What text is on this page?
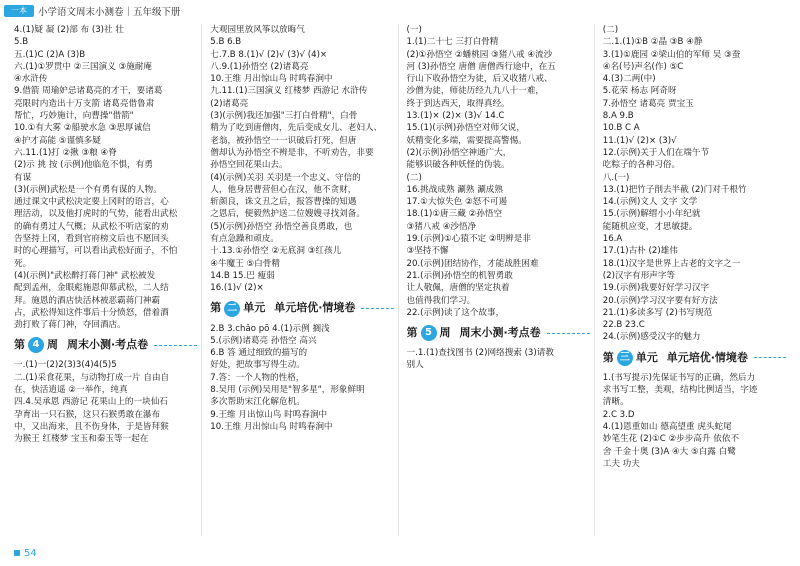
一本	小学语文周末小测卷｜五年级下册
4.(1)疑 凝 (2)部 布 (3)社 壮
5.B
五.(1)C (2)A (3)B
六.(1)①罗贯中 ②三国演义 ③施耐庵
④水浒传
9.借箭 周瑜妒忌诸葛亮的才干，要诸葛
亮限时内造出十万支箭 诸葛亮借鲁肃
帮忙，巧妙施计，向曹操"借箭"
10.①有大雾 ②船驶水急 ③思厚诚信
④护才高能 ⑤谨慎多疑
六.11.(1)打 ②揪 ③粮 ④脊
(2)示 挑 按 (示例)他临危不惧，有勇
有谋
(3)(示例)武松是一个有勇有谋的人物。
通过课文中武松决定要上冈时的语言，心
理活动，以及他打虎时的气势，能看出武松
的确有勇过人气概；从武松不听店家的劝
告坚持上冈，看到官府榜文后也不愿回头
时的心理描写，可以看出武松好面子，不怕
死。
(4)(示例)"武松醉打蒋门神" 武松被发
配到孟州，金眼彪施恩仰慕武松，二人结
拜。施恩的酒店快活林被恶霸蒋门神霸
占，武松得知这件事后十分愤怒，借着酒
劲打败了蒋门神，夺回酒店。
第 4 周 周末小测·考点卷
一.(1)一(2)2(3)3(4)4(5)5
二.(1)采食花果，与动物打成一片 自由自
在，快活逍遥 ②一举作，纯真
四.4.吴承恩 西游记 花果山上的一块仙石
孕育出一只石猴，这只石猴勇敢在瀑布
中，又出海来，且不伤身体，于是皆拜猴
为猴王 红楼梦 宝玉和秦玉等一起在
大观园里放风筝以放晦气
5.B 6.B
七.7.B 8.(1)√ (2)√ (3)√ (4)×
八.9.(1)孙悟空 (2)诸葛亮
10.王维 月出惊山鸟 时鸣春涧中
九.11.(1)三国演义 红楼梦 西游记 水浒传
(2)诸葛亮
(3)(示例)我还加强"三打白骨精"，白骨
精为了吃到唐僧肉，先后变成女儿、老妇人、
老翁，被孙悟空一一识破后打死，但唐
僧却认为孙悟空不辨是非，不听劝告，非要
孙悟空回花果山去。
(4)(示例)关羽 关羽是一个忠义、守信的
人，他身居曹营但心在汉，他不贪财，
斩颜良，诛文丑之后，报答曹操的知遇
之恩后，便毅然护送二位嫂嫂寻找刘备。
(5)(示例)孙悟空 孙悟空善良勇敢，也
有点急躁和顽皮。
十.13.①孙悟空 ②无底洞 ③红孩儿
④牛魔王 ⑤白骨精
14.B 15.巴 瘦弱
16.(1)√ (2)×
第 二 单元 单元培优·情境卷
2.B 3.chǎo pō 4.(1)示例 搁浅
5.(示例)诸葛亮 孙悟空 高兴
6.B 答 通过细致的描写的
好处，把故事写得生动。
7.答：一个人物的性格，
8.吴用 (示例)吴用是"智多星"，形象鲜明
多次帮助宋江化解危机。
9.王维 月出惊山鸟 时鸣春涧中
10.王维 月出惊山鸟 时鸣春涧中
(一)
1.(1)二十七 三打白骨精
(2)①孙悟空 ②蟠桃园 ③猪八戒 ④流沙
河 (3)孙悟空 唐僧 唐僧西行途中，在五
行山下收孙悟空为徒，后又收猪八戒、
沙僧为徒，师徒历经九九八十一难，
终于到达西天，取得真经。
13.(1)× (2)× (3)√ 14.C
15.(1)(示例)孙悟空对师父说，
妖精变化多端，需要提高警惕。
(2)(示例)孙悟空神通广大，
能够识破各种妖怪的伪装。
(二)
16.挑战成熟 涮熟 涮成熟
17.①大惊失色 ②怒不可遏
18.(1)①唐三藏 ②孙悟空
③猪八戒 ④沙悟净
19.(示例)①心猿不定 ②明辨是非
③坚持不懈
20.(示例)团结协作，才能战胜困难
21.(示例)孙悟空的机智勇敢
让人敬佩，唐僧的坚定执着
也值得我们学习。
22.(示例)读了这个故事，
第 5 周 周末小测·考点卷
一.1.(1)查找图书 (2)网络搜索 (3)请教
别人
(二)
二.1.(1)①B ②晶 ③B ④静
3.(1)①鹿园 ②梁山伯的军师 吴 ③蚕
④名(号)声名(作) ⑤C
4.(3)二两(中)
5.花荣 杨志 阿奇呀
7.孙悟空 诸葛亮 贾宝玉
8.A 9.B
10.B C A
11.(1)√ (2)× (3)√
12.(示例)关于人们在端午节
吃粽子的各种习俗。
八.(一)
13.(1)把竹子削去半截 (2)门对千根竹
14.(示例)文人 文字 文学
15.(示例)解缙小小年纪就
能随机应变，才思敏捷。
16.A
17.(1)古朴 (2)雄伟
18.(1)汉字是世界上古老的文字之一
(2)汉字有形声字等
19.(示例)我要好好学习汉字
20.(示例)学习汉字要有好方法
21.(1)多读多写 (2)书写规范
22.B 23.C
24.(示例)感受汉字的魅力
第 三 单元 单元培优·情境卷
1.(书写提示)先保证书写的正确，然后力
求书写工整，美观，结构比例适当，字迹
清晰。
2.C 3.D
4.(1)恩重如山 德高望重 虎头蛇尾
妙笔生花 (2)①C ②步步高升 依依不
舍 千金十奥 (3)A ④大 ⑤白露 白鹭
工夫 功夫
54
